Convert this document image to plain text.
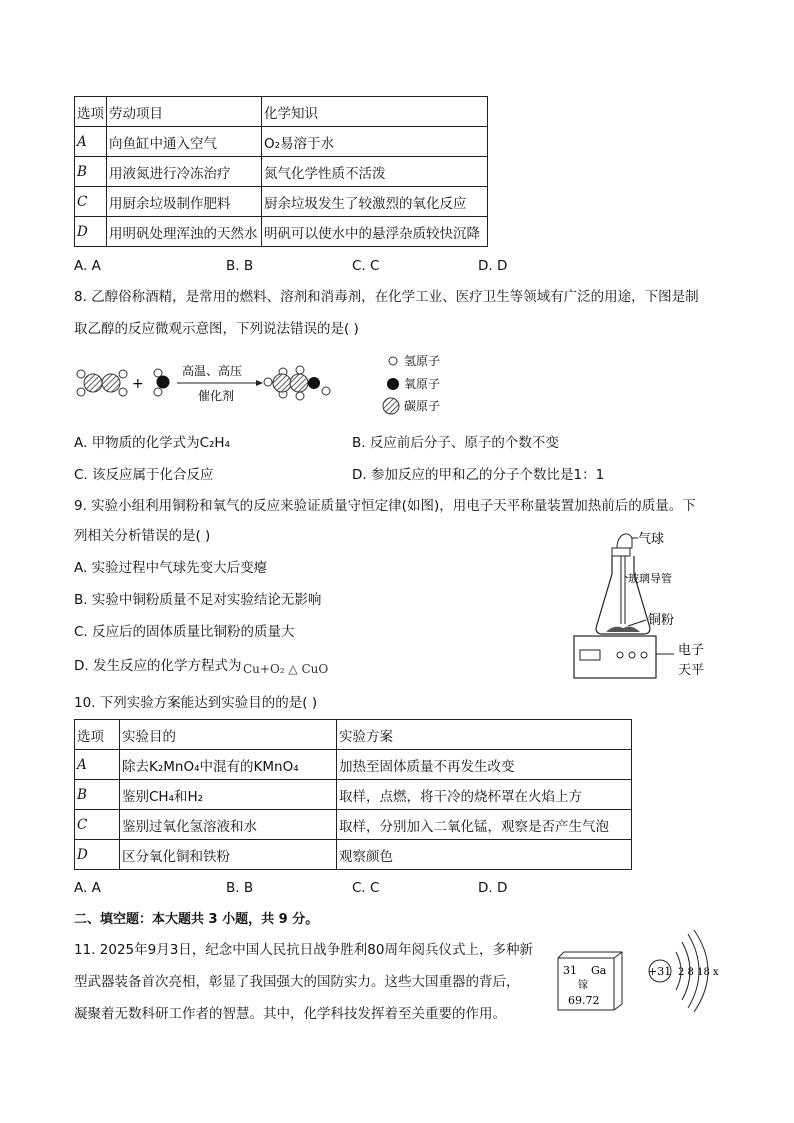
选项	劳动项目	化学知识
A	向鱼缸中通入空气	O₂易溶于水
B	用液氮进行冷冻治疗	氮气化学性质不活泼
C	用厨余垃圾制作肥料	厨余垃圾发生了较激烈的氧化反应
D	用明矾处理浑浊的天然水	明矾可以使水中的悬浮杂质较快沉降
A. A	B. B	C. C	D. D
8. 乙醇俗称酒精，是常用的燃料、溶剂和消毒剂，在化学工业、医疗卫生等领域有广泛的用途，下图是制
取乙醇的反应微观示意图，下列说法错误的是( )
+
高温、高压
催化剂
氢原子
氧原子
碳原子
A. 甲物质的化学式为C₂H₄	B. 反应前后分子、原子的个数不变
C. 该反应属于化合反应	D. 参加反应的甲和乙的分子个数比是1：1
9. 实验小组利用铜粉和氧气的反应来验证质量守恒定律(如图)，用电子天平称量装置加热前后的质量。下
列相关分析错误的是( )
A. 实验过程中气球先变大后变瘪
B. 实验中铜粉质量不足对实验结论无影响
C. 反应后的固体质量比铜粉的质量大
D. 发生反应的化学方程式为 Cu+O₂ △ CuO
气球
玻璃导管
铜粉
电子
天平
10. 下列实验方案能达到实验目的的是( )
选项	实验目的	实验方案
A	除去K₂MnO₄中混有的KMnO₄	加热至固体质量不再发生改变
B	鉴别CH₄和H₂	取样，点燃，将干冷的烧杯罩在火焰上方
C	鉴别过氧化氢溶液和水	取样，分别加入二氧化锰，观察是否产生气泡
D	区分氧化铜和铁粉	观察颜色
A. A	B. B	C. C	D. D
二、填空题：本大题共 3 小题，共 9 分。
11. 2025年9月3日，纪念中国人民抗日战争胜利80周年阅兵仪式上，多种新
型武器装备首次亮相，彰显了我国强大的国防实力。这些大国重器的背后，
凝聚着无数科研工作者的智慧。其中，化学科技发挥着至关重要的作用。
31 Ga
镓
69.72
+31 2 8 18 x
